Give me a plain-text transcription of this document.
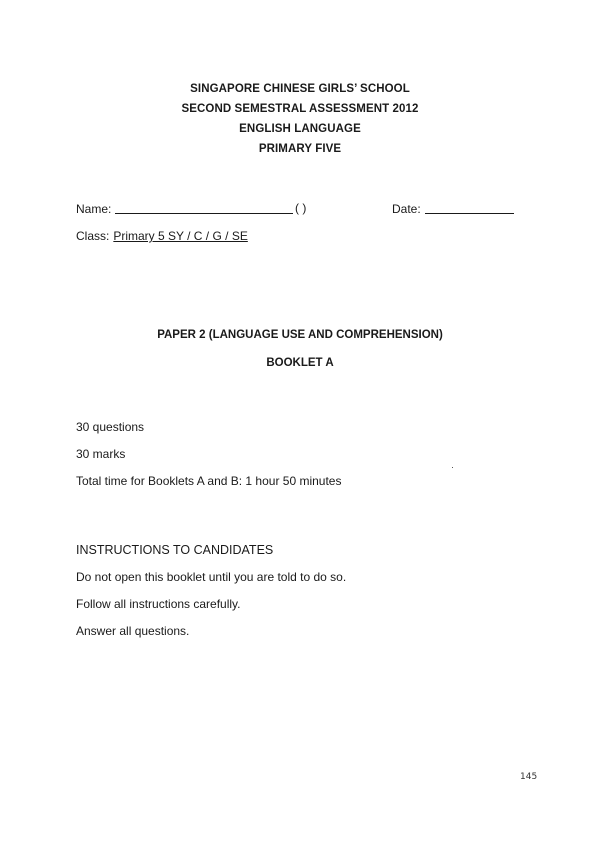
SINGAPORE CHINESE GIRLS’ SCHOOL
SECOND SEMESTRAL ASSESSMENT 2012
ENGLISH LANGUAGE
PRIMARY FIVE
Name:	( )	Date:
Class: Primary 5 SY / C / G / SE
PAPER 2 (LANGUAGE USE AND COMPREHENSION)
BOOKLET A
30 questions
30 marks
Total time for Booklets A and B: 1 hour 50 minutes
INSTRUCTIONS TO CANDIDATES
Do not open this booklet until you are told to do so.
Follow all instructions carefully.
Answer all questions.
145
